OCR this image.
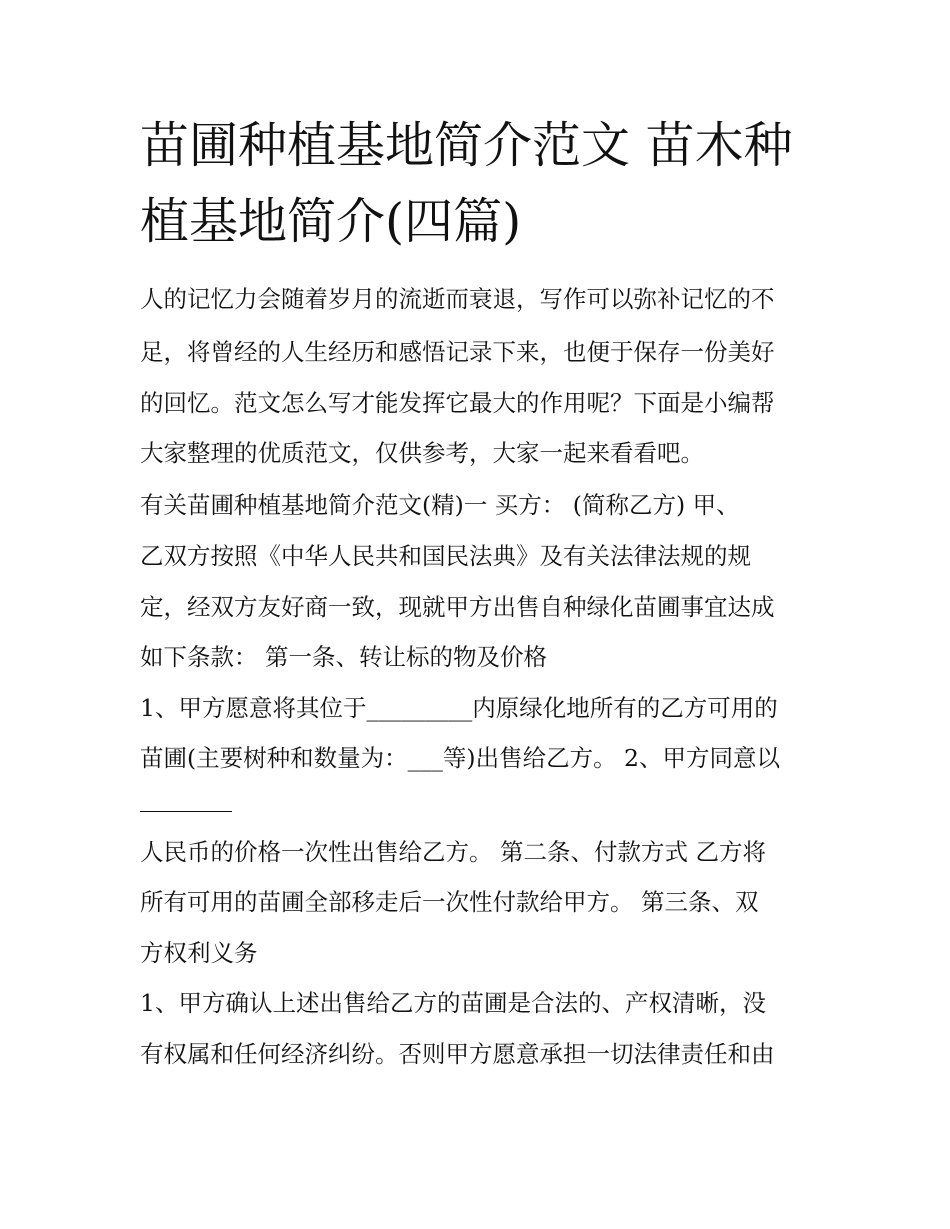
苗圃种植基地简介范文 苗木种
植基地简介(四篇)

人的记忆力会随着岁月的流逝而衰退，写作可以弥补记忆的不

足，将曾经的人生经历和感悟记录下来，也便于保存一份美好

的回忆。范文怎么写才能发挥它最大的作用呢？下面是小编帮

大家整理的优质范文，仅供参考，大家一起来看看吧。

有关苗圃种植基地简介范文(精)一 买方： (简称乙方) 甲、

乙双方按照《中华人民共和国民法典》及有关法律法规的规

定，经双方友好商一致，现就甲方出售自种绿化苗圃事宜达成

如下条款： 第一条、转让标的物及价格

1、甲方愿意将其位于_________内原绿化地所有的乙方可用的

苗圃(主要树种和数量为：___等)出售给乙方。 2、甲方同意以

人民币的价格一次性出售给乙方。 第二条、付款方式 乙方将

所有可用的苗圃全部移走后一次性付款给甲方。 第三条、双

方权利义务

1、甲方确认上述出售给乙方的苗圃是合法的、产权清晰，没

有权属和任何经济纠纷。否则甲方愿意承担一切法律责任和由
